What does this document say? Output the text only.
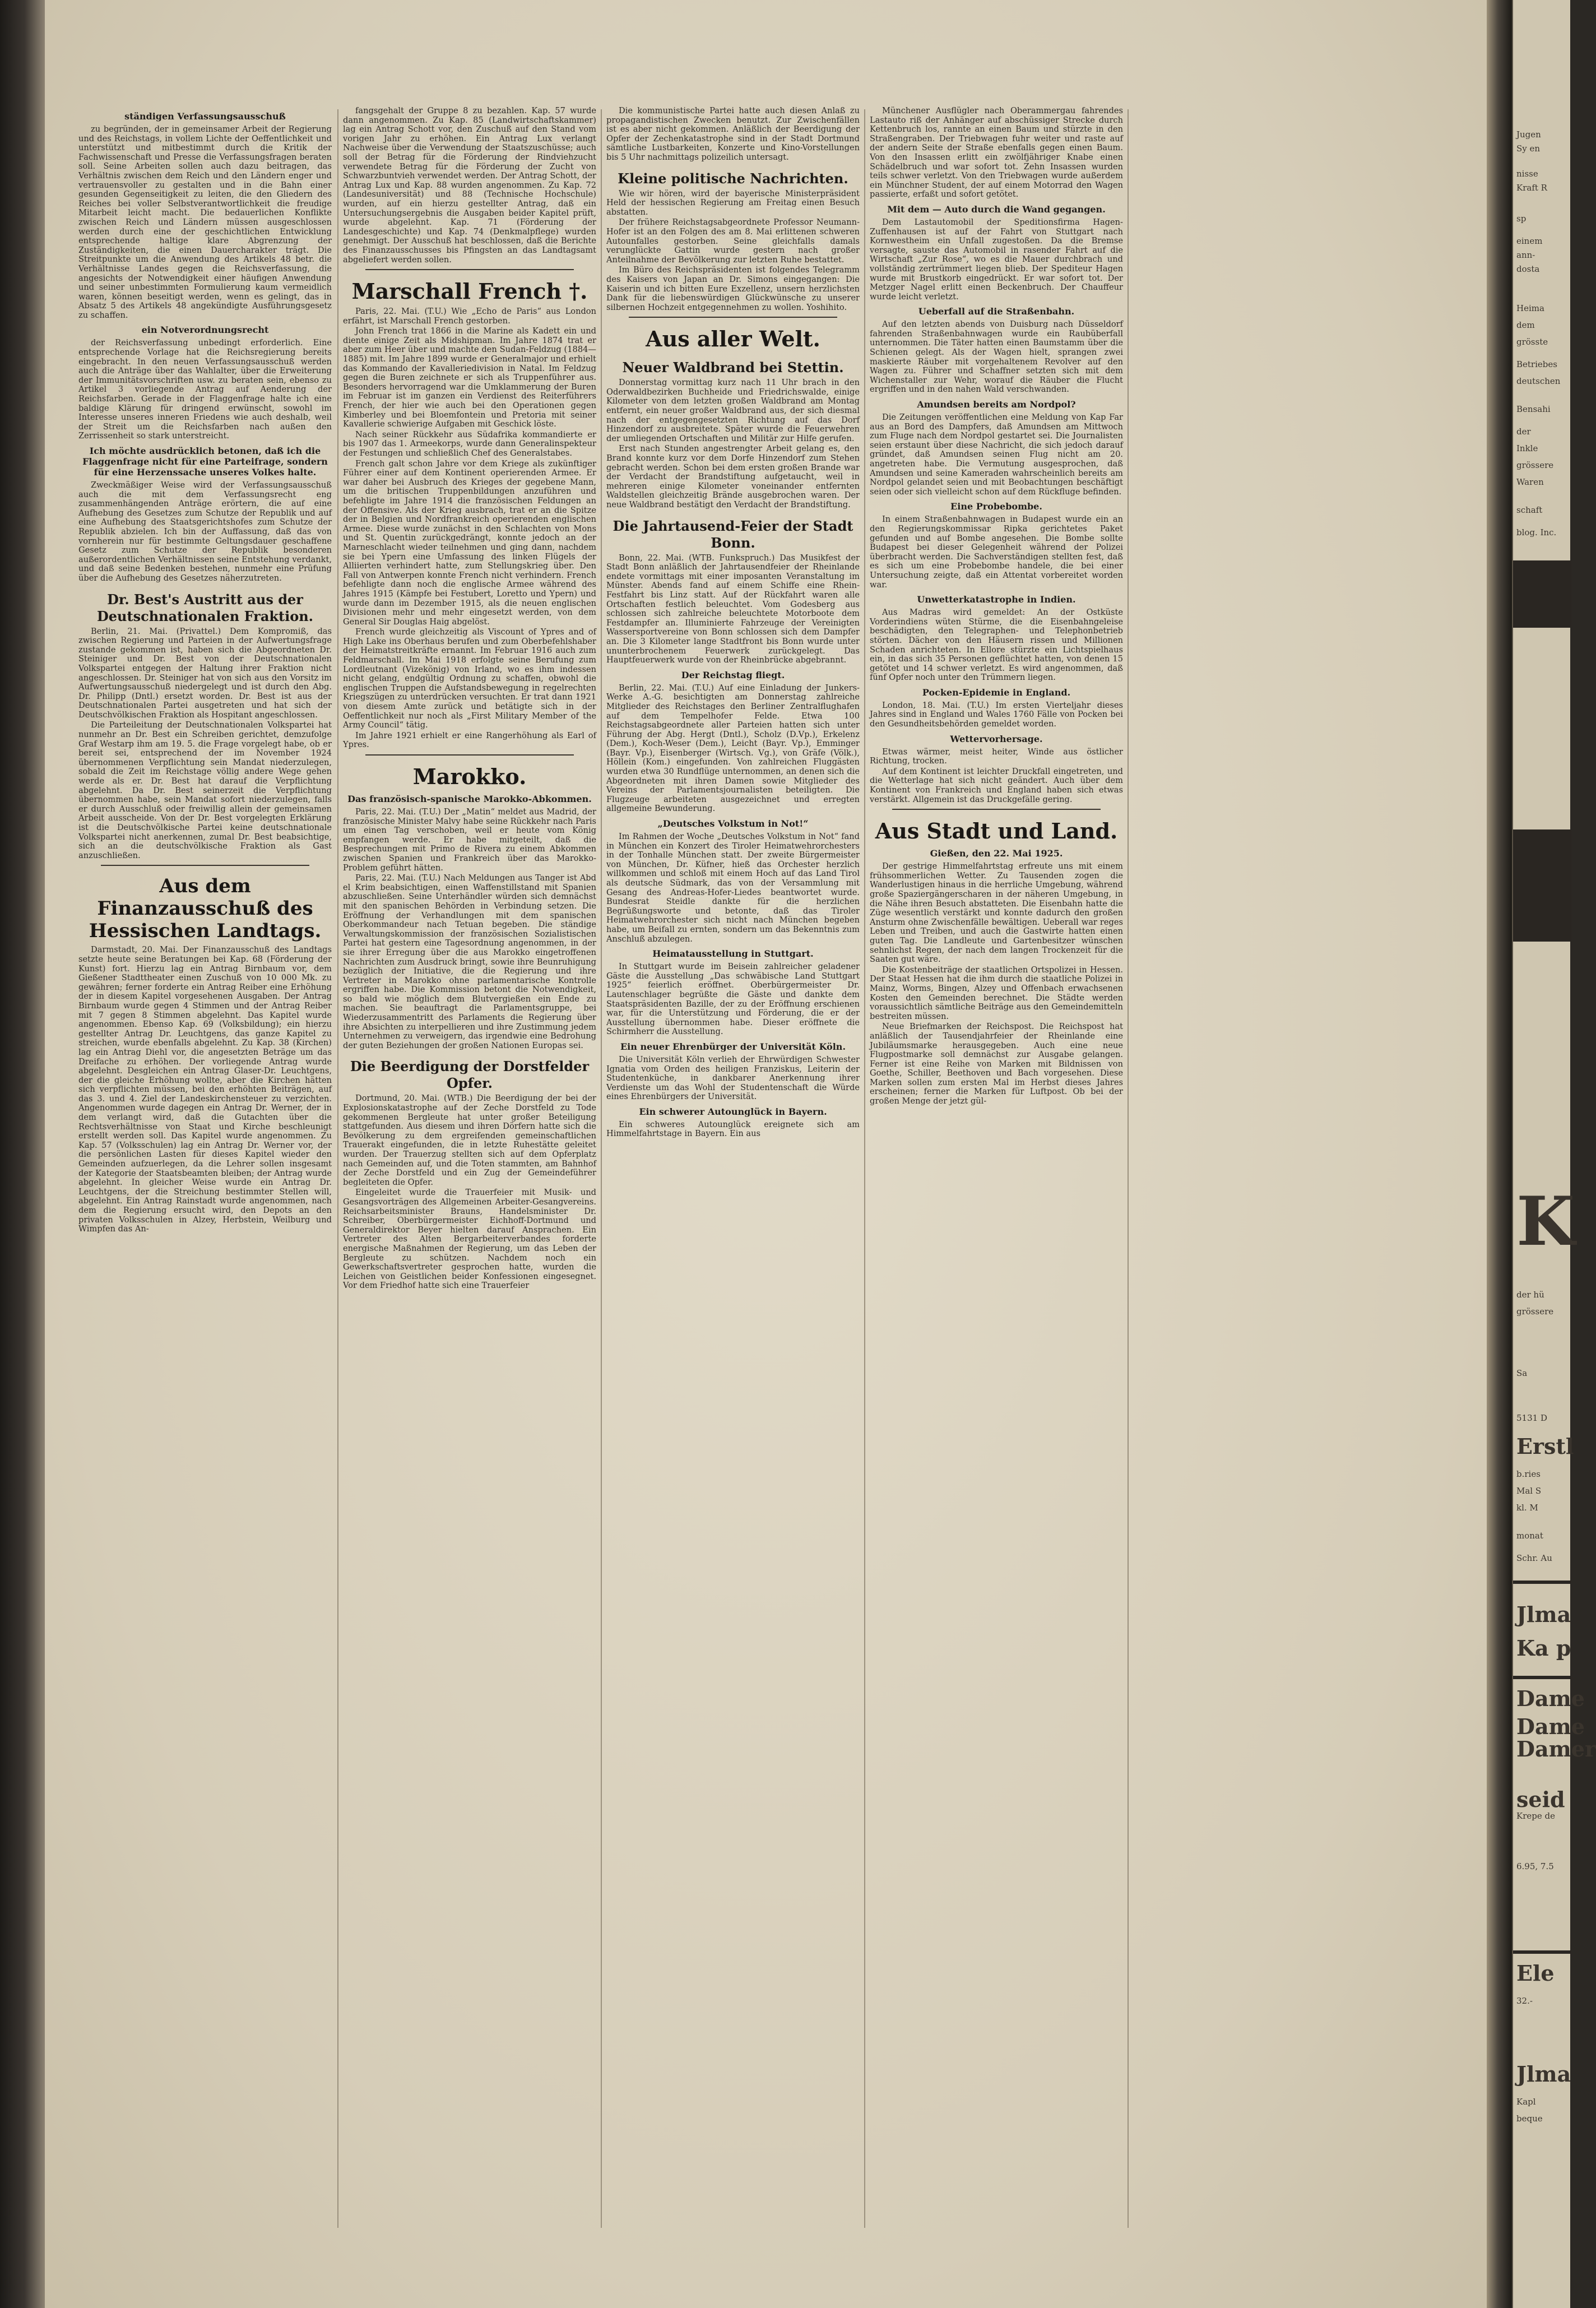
ständigen Verfassungsausschuß

zu begründen, der in gemeinsamer Arbeit der Regierung und des Reichstags, in vollem Lichte der Oeffentlichkeit und unterstützt und mitbestimmt durch die Kritik der Fachwissenschaft und Presse die Verfassungsfragen beraten soll. Seine Arbeiten sollen auch dazu beitragen, das Verhältnis zwischen dem Reich und den Ländern enger und vertrauensvoller zu gestalten und in die Bahn einer gesunden Gegenseitigkeit zu leiten, die den Gliedern des Reiches bei voller Selbstverantwortlichkeit die freudige Mitarbeit leicht macht. Die bedauerlichen Konflikte zwischen Reich und Ländern müssen ausgeschlossen werden durch eine der geschichtlichen Entwicklung entsprechende haltige klare Abgrenzung der Zuständigkeiten, die einen Dauercharakter trägt. Die Streitpunkte um die Anwendung des Artikels 48 betr. die Verhältnisse Landes gegen die Reichsverfassung, die angesichts der Notwendigkeit einer häufigen Anwendung und seiner unbestimmten Formulierung kaum vermeidlich waren, können beseitigt werden, wenn es gelingt, das in Absatz 5 des Artikels 48 angekündigte Ausführungsgesetz zu schaffen.

ein Notverordnungsrecht

der Reichsverfassung unbedingt erforderlich. Eine entsprechende Vorlage hat die Reichsregierung bereits eingebracht. In den neuen Verfassungsausschuß werden auch die Anträge über das Wahlalter, über die Erweiterung der Immunitätsvorschriften usw. zu beraten sein, ebenso zu Artikel 3 vorliegende Antrag auf Aenderung der Reichsfarben. Gerade in der Flaggenfrage halte ich eine baldige Klärung für dringend erwünscht, sowohl im Interesse unseres inneren Friedens wie auch deshalb, weil der Streit um die Reichsfarben nach außen den Zerrissenheit so stark unterstreicht.

Ich möchte ausdrücklich betonen, daß ich die Flaggenfrage nicht für eine Parteifrage, sondern für eine Herzenssache unseres Volkes halte.

Zweckmäßiger Weise wird der Verfassungsausschuß auch die mit dem Verfassungsrecht eng zusammenhängenden Anträge erörtern, die auf eine Aufhebung des Gesetzes zum Schutze der Republik und auf eine Aufhebung des Staatsgerichtshofes zum Schutze der Republik abzielen. Ich bin der Auffassung, daß das von vornherein nur für bestimmte Geltungsdauer geschaffene Gesetz zum Schutze der Republik besonderen außerordentlichen Verhältnissen seine Entstehung verdankt, und daß seine Bedenken bestehen, nunmehr eine Prüfung über die Aufhebung des Gesetzes näherzutreten.

Dr. Best's Austritt aus der Deutschnationalen Fraktion.

Berlin, 21. Mai. (Privattel.) Dem Kompromiß, das zwischen Regierung und Parteien in der Aufwertungsfrage zustande gekommen ist, haben sich die Abgeordneten Dr. Steiniger und Dr. Best von der Deutschnationalen Volkspartei entgegen der Haltung ihrer Fraktion nicht angeschlossen. Dr. Steiniger hat von sich aus den Vorsitz im Aufwertungsausschuß niedergelegt und ist durch den Abg. Dr. Philipp (Dntl.) ersetzt worden. Dr. Best ist aus der Deutschnationalen Partei ausgetreten und hat sich der Deutschvölkischen Fraktion als Hospitant angeschlossen.

Die Parteileitung der Deutschnationalen Volkspartei hat nunmehr an Dr. Best ein Schreiben gerichtet, demzufolge Graf Westarp ihm am 19. 5. die Frage vorgelegt habe, ob er bereit sei, entsprechend der im November 1924 übernommenen Verpflichtung sein Mandat niederzulegen, sobald die Zeit im Reichstage völlig andere Wege gehen werde als er. Dr. Best hat darauf die Verpflichtung abgelehnt. Da Dr. Best seinerzeit die Verpflichtung übernommen habe, sein Mandat sofort niederzulegen, falls er durch Ausschluß oder freiwillig allein der gemeinsamen Arbeit ausscheide. Von der Dr. Best vorgelegten Erklärung ist die Deutschvölkische Partei keine deutschnationale Volkspartei nicht anerkennen, zumal Dr. Best beabsichtige, sich an die deutschvölkische Fraktion als Gast anzuschließen.

Aus dem Finanzausschuß des Hessischen Landtags.

Darmstadt, 20. Mai. Der Finanzausschuß des Landtags setzte heute seine Beratungen bei Kap. 68 (Förderung der Kunst) fort. Hierzu lag ein Antrag Birnbaum vor, dem Gießener Stadttheater einen Zuschuß von 10 000 Mk. zu gewähren; ferner forderte ein Antrag Reiber eine Erhöhung der in diesem Kapitel vorgesehenen Ausgaben. Der Antrag Birnbaum wurde gegen 4 Stimmen und der Antrag Reiber mit 7 gegen 8 Stimmen abgelehnt. Das Kapitel wurde angenommen. Ebenso Kap. 69 (Volksbildung); ein hierzu gestellter Antrag Dr. Leuchtgens, das ganze Kapitel zu streichen, wurde ebenfalls abgelehnt. Zu Kap. 38 (Kirchen) lag ein Antrag Diehl vor, die angesetzten Beträge um das Dreifache zu erhöhen. Der vorliegende Antrag wurde abgelehnt. Desgleichen ein Antrag Glaser-Dr. Leuchtgens, der die gleiche Erhöhung wollte, aber die Kirchen hätten sich verpflichten müssen, bei den erhöhten Beiträgen, auf das 3. und 4. Ziel der Landeskirchensteuer zu verzichten. Angenommen wurde dagegen ein Antrag Dr. Werner, der in dem verlangt wird, daß die Gutachten über die Rechtsverhältnisse von Staat und Kirche beschleunigt erstellt werden soll. Das Kapitel wurde angenommen. Zu Kap. 57 (Volksschulen) lag ein Antrag Dr. Werner vor, der die persönlichen Lasten für dieses Kapitel wieder den Gemeinden aufzuerlegen, da die Lehrer sollen insgesamt der Kategorie der Staatsbeamten bleiben; der Antrag wurde abgelehnt. In gleicher Weise wurde ein Antrag Dr. Leuchtgens, der die Streichung bestimmter Stellen will, abgelehnt. Ein Antrag Rainstadt wurde angenommen, nach dem die Regierung ersucht wird, den Depots an den privaten Volksschulen in Alzey, Herbstein, Weilburg und Wimpfen das An-

fangsgehalt der Gruppe 8 zu bezahlen. Kap. 57 wurde dann angenommen. Zu Kap. 85 (Landwirtschaftskammer) lag ein Antrag Schott vor, den Zuschuß auf den Stand vom vorigen Jahr zu erhöhen. Ein Antrag Lux verlangt Nachweise über die Verwendung der Staatszuschüsse; auch soll der Betrag für die Förderung der Rindviehzucht verwendete Betrag für die Förderung der Zucht von Schwarzbuntvieh verwendet werden. Der Antrag Schott, der Antrag Lux und Kap. 88 wurden angenommen. Zu Kap. 72 (Landesuniversität) und 88 (Technische Hochschule) wurden, auf ein hierzu gestellter Antrag, daß ein Untersuchungsergebnis die Ausgaben beider Kapitel prüft, wurde abgelehnt. Kap. 71 (Förderung der Landesgeschichte) und Kap. 74 (Denkmalpflege) wurden genehmigt. Der Ausschuß hat beschlossen, daß die Berichte des Finanzausschusses bis Pfingsten an das Landtagsamt abgeliefert werden sollen.

Marschall French †.

Paris, 22. Mai. (T.U.) Wie „Echo de Paris“ aus London erfährt, ist Marschall French gestorben.

John French trat 1866 in die Marine als Kadett ein und diente einige Zeit als Midshipman. Im Jahre 1874 trat er aber zum Heer über und machte den Sudan-Feldzug (1884—1885) mit. Im Jahre 1899 wurde er Generalmajor und erhielt das Kommando der Kavalleriedivision in Natal. Im Feldzug gegen die Buren zeichnete er sich als Truppenführer aus. Besonders hervorragend war die Umklammerung der Buren im Februar ist im ganzen ein Verdienst des Reiterführers French, der hier wie auch bei den Operationen gegen Kimberley und bei Bloemfontein und Pretoria mit seiner Kavallerie schwierige Aufgaben mit Geschick löste.

Nach seiner Rückkehr aus Südafrika kommandierte er bis 1907 das 1. Armeekorps, wurde dann Generalinspekteur der Festungen und schließlich Chef des Generalstabes.

French galt schon Jahre vor dem Kriege als zukünftiger Führer einer auf dem Kontinent operierenden Armee. Er war daher bei Ausbruch des Krieges der gegebene Mann, um die britischen Truppenbildungen anzuführen und befehligte im Jahre 1914 die französischen Feldungen an der Offensive. Als der Krieg ausbrach, trat er an die Spitze der in Belgien und Nordfrankreich operierenden englischen Armee. Diese wurde zunächst in den Schlachten von Mons und St. Quentin zurückgedrängt, konnte jedoch an der Marneschlacht wieder teilnehmen und ging dann, nachdem sie bei Ypern eine Umfassung des linken Flügels der Alliierten verhindert hatte, zum Stellungskrieg über. Den Fall von Antwerpen konnte French nicht verhindern. French befehligte dann noch die englische Armee während des Jahres 1915 (Kämpfe bei Festubert, Loretto und Ypern) und wurde dann im Dezember 1915, als die neuen englischen Divisionen mehr und mehr eingesetzt werden, von dem General Sir Douglas Haig abgelöst.

French wurde gleichzeitig als Viscount of Ypres and of High Lake ins Oberhaus berufen und zum Oberbefehlshaber der Heimatstreitkräfte ernannt. Im Februar 1916 auch zum Feldmarschall. Im Mai 1918 erfolgte seine Berufung zum Lordleutnant (Vizekönig) von Irland, wo es ihm indessen nicht gelang, endgültig Ordnung zu schaffen, obwohl die englischen Truppen die Aufstandsbewegung in regelrechten Kriegszügen zu unterdrücken versuchten. Er trat dann 1921 von diesem Amte zurück und betätigte sich in der Oeffentlichkeit nur noch als „First Military Member of the Army Council“ tätig.

Im Jahre 1921 erhielt er eine Rangerhöhung als Earl of Ypres.

Marokko.
Das französisch-spanische Marokko-Abkommen.

Paris, 22. Mai. (T.U.) Der „Matin“ meldet aus Madrid, der französische Minister Malvy habe seine Rückkehr nach Paris um einen Tag verschoben, weil er heute vom König empfangen werde. Er habe mitgeteilt, daß die Besprechungen mit Primo de Rivera zu einem Abkommen zwischen Spanien und Frankreich über das Marokko-Problem geführt hätten.

Paris, 22. Mai. (T.U.) Nach Meldungen aus Tanger ist Abd el Krim beabsichtigen, einen Waffenstillstand mit Spanien abzuschließen. Seine Unterhändler würden sich demnächst mit den spanischen Behörden in Verbindung setzen. Die Eröffnung der Verhandlungen mit dem spanischen Oberkommandeur nach Tetuan begeben. Die ständige Verwaltungskommission der französischen Sozialistischen Partei hat gestern eine Tagesordnung angenommen, in der sie ihrer Erregung über die aus Marokko eingetroffenen Nachrichten zum Ausdruck bringt, sowie ihre Beunruhigung bezüglich der Initiative, die die Regierung und ihre Vertreter in Marokko ohne parlamentarische Kontrolle ergriffen habe. Die Kommission betont die Notwendigkeit, so bald wie möglich dem Blutvergießen ein Ende zu machen. Sie beauftragt die Parlamentsgruppe, bei Wiederzusammentritt des Parlaments die Regierung über ihre Absichten zu interpellieren und ihre Zustimmung jedem Unternehmen zu verweigern, das irgendwie eine Bedrohung der guten Beziehungen der großen Nationen Europas sei.

Die Beerdigung der Dorstfelder Opfer.

Dortmund, 20. Mai. (WTB.) Die Beerdigung der bei der Explosionskatastrophe auf der Zeche Dorstfeld zu Tode gekommenen Bergleute hat unter großer Beteiligung stattgefunden. Aus diesem und ihren Dörfern hatte sich die Bevölkerung zu dem ergreifenden gemeinschaftlichen Trauerakt eingefunden, die in letzte Ruhestätte geleitet wurden. Der Trauerzug stellten sich auf dem Opferplatz nach Gemeinden auf, und die Toten stammten, am Bahnhof der Zeche Dorstfeld und ein Zug der Gemeindeführer begleiteten die Opfer.

Eingeleitet wurde die Trauerfeier mit Musik- und Gesangsvorträgen des Allgemeinen Arbeiter-Gesangvereins. Reichsarbeitsminister Brauns, Handelsminister Dr. Schreiber, Oberbürgermeister Eichhoff-Dortmund und Generaldirektor Beyer hielten darauf Ansprachen. Ein Vertreter des Alten Bergarbeiterverbandes forderte energische Maßnahmen der Regierung, um das Leben der Bergleute zu schützen. Nachdem noch ein Gewerkschaftsvertreter gesprochen hatte, wurden die Leichen von Geistlichen beider Konfessionen eingesegnet. Vor dem Friedhof hatte sich eine Trauerfeier

Die kommunistische Partei hatte auch diesen Anlaß zu propagandistischen Zwecken benutzt. Zur Zwischenfällen ist es aber nicht gekommen. Anläßlich der Beerdigung der Opfer der Zechenkatastrophe sind in der Stadt Dortmund sämtliche Lustbarkeiten, Konzerte und Kino-Vorstellungen bis 5 Uhr nachmittags polizeilich untersagt.

Kleine politische Nachrichten.

Wie wir hören, wird der bayerische Ministerpräsident Held der hessischen Regierung am Freitag einen Besuch abstatten.

Der frühere Reichstagsabgeordnete Professor Neumann-Hofer ist an den Folgen des am 8. Mai erlittenen schweren Autounfalles gestorben. Seine gleichfalls damals verunglückte Gattin wurde gestern nach großer Anteilnahme der Bevölkerung zur letzten Ruhe bestattet.

Im Büro des Reichspräsidenten ist folgendes Telegramm des Kaisers von Japan an Dr. Simons eingegangen: Die Kaiserin und ich bitten Eure Exzellenz, unsern herzlichsten Dank für die liebenswürdigen Glückwünsche zu unserer silbernen Hochzeit entgegennehmen zu wollen. Yoshihito.

Aus aller Welt.
Neuer Waldbrand bei Stettin.

Donnerstag vormittag kurz nach 11 Uhr brach in den Oderwaldbezirken Buchheide und Friedrichswalde, einige Kilometer von dem letzten großen Waldbrand am Montag entfernt, ein neuer großer Waldbrand aus, der sich diesmal nach der entgegengesetzten Richtung auf das Dorf Hinzendorf zu ausbreitete. Später wurde die Feuerwehren der umliegenden Ortschaften und Militär zur Hilfe gerufen.

Erst nach Stunden angestrengter Arbeit gelang es, den Brand konnte kurz vor dem Dorfe Hinzendorf zum Stehen gebracht werden. Schon bei dem ersten großen Brande war der Verdacht der Brandstiftung aufgetaucht, weil in mehreren einige Kilometer voneinander entfernten Waldstellen gleichzeitig Brände ausgebrochen waren. Der neue Waldbrand bestätigt den Verdacht der Brandstiftung.

Die Jahrtausend-Feier der Stadt Bonn.

Bonn, 22. Mai. (WTB. Funkspruch.) Das Musikfest der Stadt Bonn anläßlich der Jahrtausendfeier der Rheinlande endete vormittags mit einer imposanten Veranstaltung im Münster. Abends fand auf einem Schiffe eine Rhein-Festfahrt bis Linz statt. Auf der Rückfahrt waren alle Ortschaften festlich beleuchtet. Vom Godesberg aus schlossen sich zahlreiche beleuchtete Motorboote dem Festdampfer an. Illuminierte Fahrzeuge der Vereinigten Wassersportvereine von Bonn schlossen sich dem Dampfer an. Die 3 Kilometer lange Stadtfront bis Bonn wurde unter ununterbrochenem Feuerwerk zurückgelegt. Das Hauptfeuerwerk wurde von der Rheinbrücke abgebrannt.

Der Reichstag fliegt.

Berlin, 22. Mai. (T.U.) Auf eine Einladung der Junkers-Werke A.-G. besichtigten am Donnerstag zahlreiche Mitglieder des Reichstages den Berliner Zentralflughafen auf dem Tempelhofer Felde. Etwa 100 Reichstagsabgeordnete aller Parteien hatten sich unter Führung der Abg. Hergt (Dntl.), Scholz (D.Vp.), Erkelenz (Dem.), Koch-Weser (Dem.), Leicht (Bayr. Vp.), Emminger (Bayr. Vp.), Eisenberger (Wirtsch. Vg.), von Gräfe (Völk.), Höllein (Kom.) eingefunden. Von zahlreichen Fluggästen wurden etwa 30 Rundflüge unternommen, an denen sich die Abgeordneten mit ihren Damen sowie Mitglieder des Vereins der Parlamentsjournalisten beteiligten. Die Flugzeuge arbeiteten ausgezeichnet und erregten allgemeine Bewunderung.

„Deutsches Volkstum in Not!“

Im Rahmen der Woche „Deutsches Volkstum in Not“ fand in München ein Konzert des Tiroler Heimatwehrorchesters in der Tonhalle München statt. Der zweite Bürgermeister von München, Dr. Küfner, hieß das Orchester herzlich willkommen und schloß mit einem Hoch auf das Land Tirol als deutsche Südmark, das von der Versammlung mit Gesang des Andreas-Hofer-Liedes beantwortet wurde. Bundesrat Steidle dankte für die herzlichen Begrüßungsworte und betonte, daß das Tiroler Heimatwehrorchester sich nicht nach München begeben habe, um Beifall zu ernten, sondern um das Bekenntnis zum Anschluß abzulegen.

Heimatausstellung in Stuttgart.

In Stuttgart wurde im Beisein zahlreicher geladener Gäste die Ausstellung „Das schwäbische Land Stuttgart 1925“ feierlich eröffnet. Oberbürgermeister Dr. Lautenschlager begrüßte die Gäste und dankte dem Staatspräsidenten Bazille, der zu der Eröffnung erschienen war, für die Unterstützung und Förderung, die er der Ausstellung übernommen habe. Dieser eröffnete die Schirmherr die Ausstellung.

Ein neuer Ehrenbürger der Universität Köln.

Die Universität Köln verlieh der Ehrwürdigen Schwester Ignatia vom Orden des heiligen Franziskus, Leiterin der Studentenküche, in dankbarer Anerkennung ihrer Verdienste um das Wohl der Studentenschaft die Würde eines Ehrenbürgers der Universität.

Ein schwerer Autounglück in Bayern.

Ein schweres Autounglück ereignete sich am Himmelfahrtstage in Bayern. Ein aus

Münchener Ausflügler nach Oberammergau fahrendes Lastauto riß der Anhänger auf abschüssiger Strecke durch Kettenbruch los, rannte an einen Baum und stürzte in den Straßengraben. Der Triebwagen fuhr weiter und raste auf der andern Seite der Straße ebenfalls gegen einen Baum. Von den Insassen erlitt ein zwölfjähriger Knabe einen Schädelbruch und war sofort tot. Zehn Insassen wurden teils schwer verletzt. Von den Triebwagen wurde außerdem ein Münchner Student, der auf einem Motorrad den Wagen passierte, erfaßt und sofort getötet.

Mit dem — Auto durch die Wand gegangen.

Dem Lastautomobil der Speditionsfirma Hagen-Zuffenhausen ist auf der Fahrt von Stuttgart nach Kornwestheim ein Unfall zugestoßen. Da die Bremse versagte, sauste das Automobil in rasender Fahrt auf die Wirtschaft „Zur Rose“, wo es die Mauer durchbrach und vollständig zertrümmert liegen blieb. Der Spediteur Hagen wurde mit Brustkorb eingedrückt. Er war sofort tot. Der Metzger Nagel erlitt einen Beckenbruch. Der Chauffeur wurde leicht verletzt.

Ueberfall auf die Straßenbahn.

Auf den letzten abends von Duisburg nach Düsseldorf fahrenden Straßenbahnwagen wurde ein Raubüberfall unternommen. Die Täter hatten einen Baumstamm über die Schienen gelegt. Als der Wagen hielt, sprangen zwei maskierte Räuber mit vorgehaltenem Revolver auf den Wagen zu. Führer und Schaffner setzten sich mit dem Wichenstaller zur Wehr, worauf die Räuber die Flucht ergriffen und in den nahen Wald verschwanden.

Amundsen bereits am Nordpol?

Die Zeitungen veröffentlichen eine Meldung von Kap Far aus an Bord des Dampfers, daß Amundsen am Mittwoch zum Fluge nach dem Nordpol gestartet sei. Die Journalisten seien erstaunt über diese Nachricht, die sich jedoch darauf gründet, daß Amundsen seinen Flug nicht am 20. angetreten habe. Die Vermutung ausgesprochen, daß Amundsen und seine Kameraden wahrscheinlich bereits am Nordpol gelandet seien und mit Beobachtungen beschäftigt seien oder sich vielleicht schon auf dem Rückfluge befinden.

Eine Probebombe.

In einem Straßenbahnwagen in Budapest wurde ein an den Regierungskommissar Ripka gerichtetes Paket gefunden und auf Bombe angesehen. Die Bombe sollte Budapest bei dieser Gelegenheit während der Polizei überbracht werden. Die Sachverständigen stellten fest, daß es sich um eine Probebombe handele, die bei einer Untersuchung zeigte, daß ein Attentat vorbereitet worden war.

Unwetterkatastrophe in Indien.

Aus Madras wird gemeldet: An der Ostküste Vorderindiens wüten Stürme, die die Eisenbahngeleise beschädigten, den Telegraphen- und Telephonbetrieb störten. Dächer von den Häusern rissen und Millionen Schaden anrichteten. In Ellore stürzte ein Lichtspielhaus ein, in das sich 35 Personen geflüchtet hatten, von denen 15 getötet und 14 schwer verletzt. Es wird angenommen, daß fünf Opfer noch unter den Trümmern liegen.

Pocken-Epidemie in England.

London, 18. Mai. (T.U.) Im ersten Vierteljahr dieses Jahres sind in England und Wales 1760 Fälle von Pocken bei den Gesundheitsbehörden gemeldet worden.

Wettervorhersage.

Etwas wärmer, meist heiter, Winde aus östlicher Richtung, trocken.

Auf dem Kontinent ist leichter Druckfall eingetreten, und die Wetterlage hat sich nicht geändert. Auch über dem Kontinent von Frankreich und England haben sich etwas verstärkt. Allgemein ist das Druckgefälle gering.

Aus Stadt und Land.
Gießen, den 22. Mai 1925.

Der gestrige Himmelfahrtstag erfreute uns mit einem frühsommerlichen Wetter. Zu Tausenden zogen die Wanderlustigen hinaus in die herrliche Umgebung, während große Spaziergängerscharen in der näheren Umgebung, in die Nähe ihren Besuch abstatteten. Die Eisenbahn hatte die Züge wesentlich verstärkt und konnte dadurch den großen Ansturm ohne Zwischenfälle bewältigen. Ueberall war reges Leben und Treiben, und auch die Gastwirte hatten einen guten Tag. Die Landleute und Gartenbesitzer wünschen sehnlichst Regen, der nach dem langen Trockenzeit für die Saaten gut wäre.

Die Kostenbeiträge der staatlichen Ortspolizei in Hessen. Der Staat Hessen hat die ihm durch die staatliche Polizei in Mainz, Worms, Bingen, Alzey und Offenbach erwachsenen Kosten den Gemeinden berechnet. Die Städte werden voraussichtlich sämtliche Beiträge aus den Gemeindemitteln bestreiten müssen.

Neue Briefmarken der Reichspost. Die Reichspost hat anläßlich der Tausendjahrfeier der Rheinlande eine Jubiläumsmarke herausgegeben. Auch eine neue Flugpostmarke soll demnächst zur Ausgabe gelangen. Ferner ist eine Reihe von Marken mit Bildnissen von Goethe, Schiller, Beethoven und Bach vorgesehen. Diese Marken sollen zum ersten Mal im Herbst dieses Jahres erscheinen; ferner die Marken für Luftpost. Ob bei der großen Menge der jetzt gül-

Jugen
Sy en
nisse
Kraft R
sp
einem
ann-
dosta
Heima
dem
grösste
Betriebes
deutschen
Bensahi
der
Inkle
grössere
Waren
schaft
blog. Inc.
der hü
grössere
Sa
5131 D
Erstl
b.ries
Mal S
kl. M
monat
Schr. Au
Jlma
Ka p
Dame
Dame
Damer
seid
Krepe de
6.95, 7.5
Ele
32.-
Jlma
Kapl
beque
K
